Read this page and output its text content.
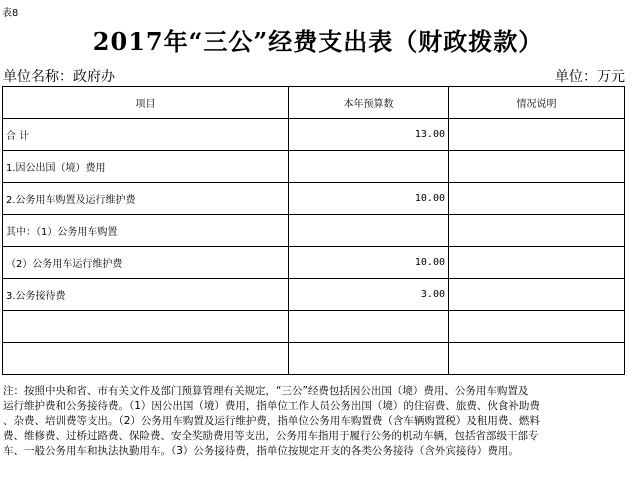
表8
2017年“三公”经费支出表（财政拨款）
单位名称：政府办	单位：万元
项目	本年预算数	情况说明
合 计	13.00	
1.因公出国（境）费用		
2.公务用车购置及运行维护费	10.00	
其中：（1）公务用车购置		
（2）公务用车运行维护费	10.00	
3.公务接待费	3.00	

注：按照中央和省、市有关文件及部门预算管理有关规定，“三公”经费包括因公出国（境）费用、公务用车购置及
运行维护费和公务接待费。（1）因公出国（境）费用，指单位工作人员公务出国（境）的住宿费、旅费、伙食补助费
、杂费、培训费等支出。（2）公务用车购置及运行维护费，指单位公务用车购置费（含车辆购置税）及租用费、燃料
费、维修费、过桥过路费、保险费、安全奖励费用等支出，公务用车指用于履行公务的机动车辆，包括省部级干部专
车、一般公务用车和执法执勤用车。（3）公务接待费，指单位按规定开支的各类公务接待（含外宾接待）费用。
